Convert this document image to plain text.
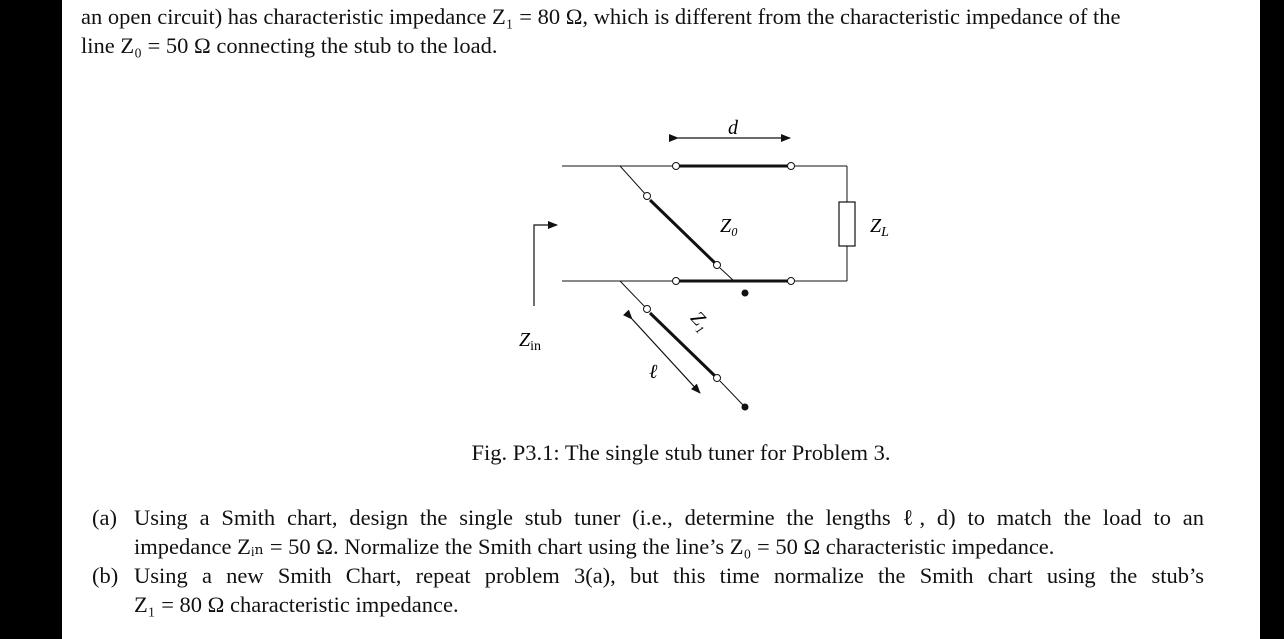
an open circuit) has characteristic impedance Z₁ = 80 Ω, which is different from the characteristic impedance of the
line Z₀ = 50 Ω connecting the stub to the load.
d
$Z_L$
Z₀
$Z_{in}$
ℓ
Z₁
Fig. P3.1: The single stub tuner for Problem 3.
(a) Using a Smith chart, design the single stub tuner (i.e., determine the lengths ℓ, d) to match the load to an
impedance Zᵢₙ = 50 Ω. Normalize the Smith chart using the line’s Z₀ = 50 Ω characteristic impedance.
(b) Using a new Smith Chart, repeat problem 3(a), but this time normalize the Smith chart using the stub’s
Z₁ = 80 Ω characteristic impedance.
